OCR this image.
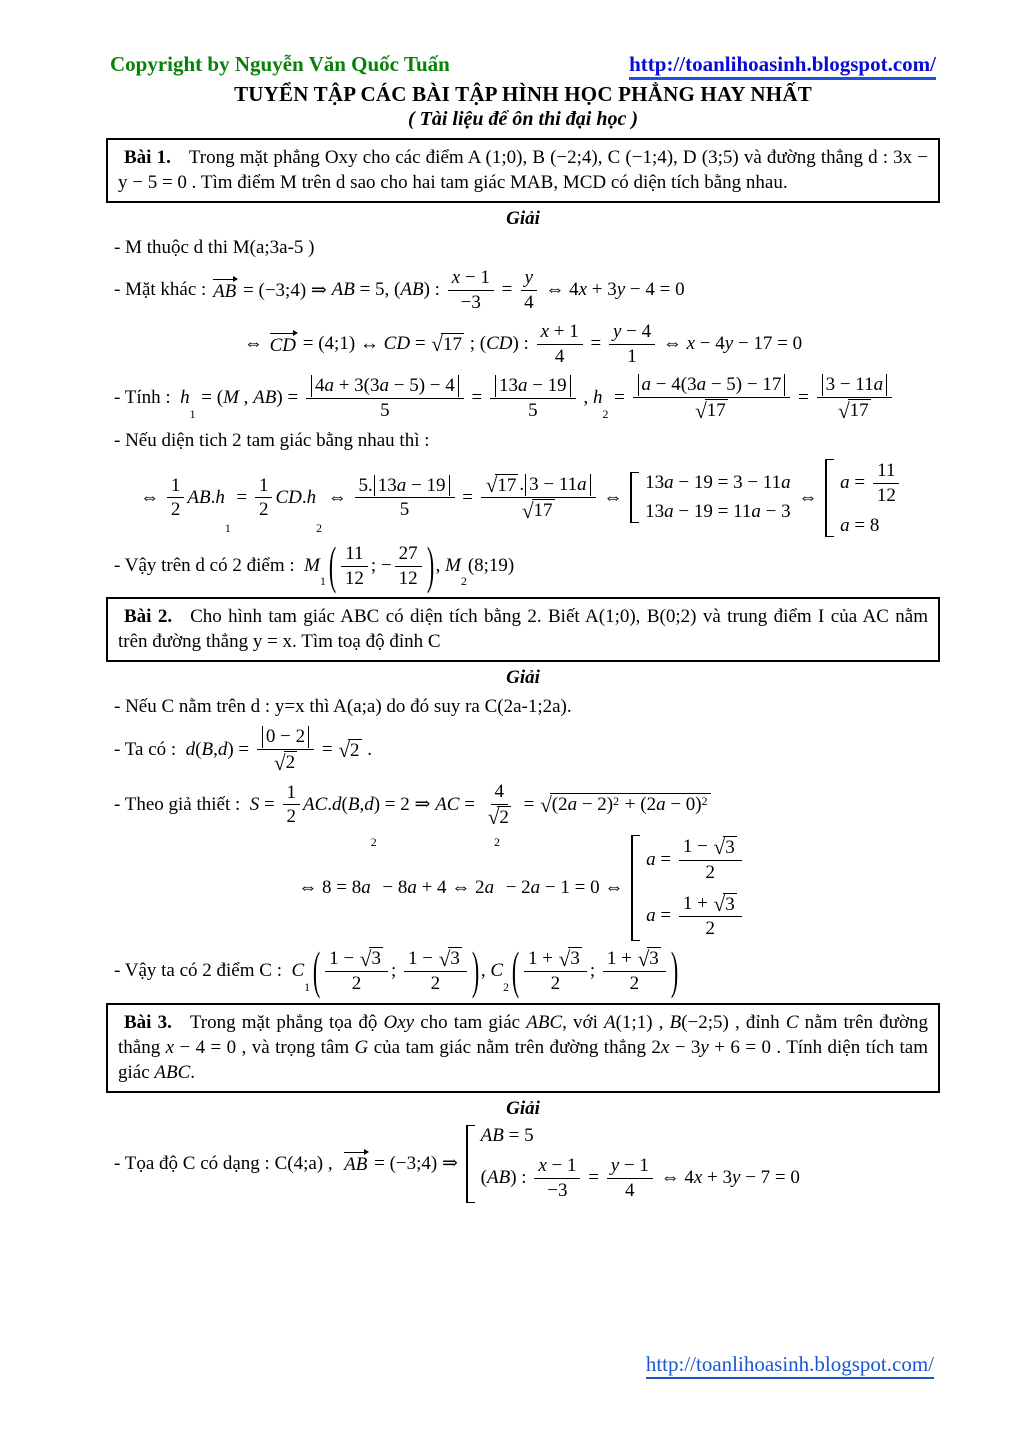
Copyright by Nguyễn Văn Quốc Tuấn	http://toanlihoasinh.blogspot.com/
TUYỂN TẬP CÁC BÀI TẬP HÌNH HỌC PHẲNG HAY NHẤT
( Tài liệu để ôn thi đại học )

Bài 1. Trong mặt phẳng Oxy cho các điểm A (1;0), B (−2;4), C (−1;4), D (3;5) và đường thẳng d : 3x − y − 5 = 0 . Tìm điểm M trên d sao cho hai tam giác MAB, MCD có diện tích bằng nhau.

Giải
- M thuộc d thi M(a;3a-5 )
- Mặt khác : AB = (−3;4) ⇒ AB = 5, ( AB ) : $\frac{x - 1}{-3} = \frac{y}{4}$ ⇔ 4 x + 3 y − 4 = 0
⇔ CD = (4;1) ↔ CD = √ 17 ; ( CD ) : $\frac{x + 1}{4} = \frac{y - 4}{1}$ ⇔ x − 4 y − 17 = 0
- Tính : h
$_1$
= ( M , AB ) = $\frac{4 a + 3(3 a - 5) - 4}{5} = \frac{13 a - 19}{5}$ , h
$_2$
= $\frac{a - 4(3 a - 5) - 17}{√ 17} = \frac{3 - 11 a}{√ 17}$
- Nếu diện tich 2 tam giác bằng nhau thì :
⇔ $\frac{1}{2}$ AB . h
1
= $\frac{1}{2}$ CD . h
2
⇔ $\frac{5. 13 a - 19}{5} = \frac{√ 17 . 3 - 11 a}{√ 17}$ ⇔
13 a − 19 = 3 − 11 a
13 a − 19 = 11 a − 3
⇔
$a = \frac{11}{12}$
a = 8
- Vậy trên d có 2 điểm : M
$_1$ ( $\frac{11}{12}$ ; − $\frac{27}{12}$ ) , M
$_2$
(8;19)

Bài 2. Cho hình tam giác ABC có diện tích bằng 2. Biết A(1;0), B(0;2) và trung điểm I của AC nằm trên đường thẳng y = x. Tìm toạ độ đỉnh C

Giải
- Nếu C nằm trên d : y=x thì A(a;a) do đó suy ra C(2a-1;2a).
- Ta có : d ( B , d ) = $\frac{0 - 2}{√ 2}$ = √ 2 .
- Theo giả thiết : $S = \frac{1}{2}$ AC . d ( B , d ) = 2 ⇒ AC = $\frac{4}{√ 2}$ = √ (2 a − 2) 2 + (2 a − 0) 2
⇔ 8 = 8 a
2
− 8 a + 4 ⇔ 2 a
2
− 2 a − 1 = 0 ⇔
$a = \frac{1 - √ 3}{2}$
$a = \frac{1 + √ 3}{2}$
- Vậy ta có 2 điểm C : C
$_1$ ( $\frac{1 - √ 3}{2}$ ; $\frac{1 - √ 3}{2}$ ) , C
$_2$ ( $\frac{1 + √ 3}{2}$ ; $\frac{1 + √ 3}{2}$ )

Bài 3. Trong mặt phẳng tọa độ Oxy cho tam giác ABC, với A(1;1) , B(−2;5) , đỉnh C nằm trên đường thẳng x − 4 = 0 , và trọng tâm G của tam giác nằm trên đường thẳng 2x − 3y + 6 = 0 . Tính diện tích tam giác ABC.

Giải
- Tọa độ C có dạng : C(4;a) , AB = (−3;4) ⇒
AB = 5
( AB ) : $\frac{x - 1}{-3} = \frac{y - 1}{4}$ ⇔ 4 x + 3 y − 7 = 0
http://toanlihoasinh.blogspot.com/
